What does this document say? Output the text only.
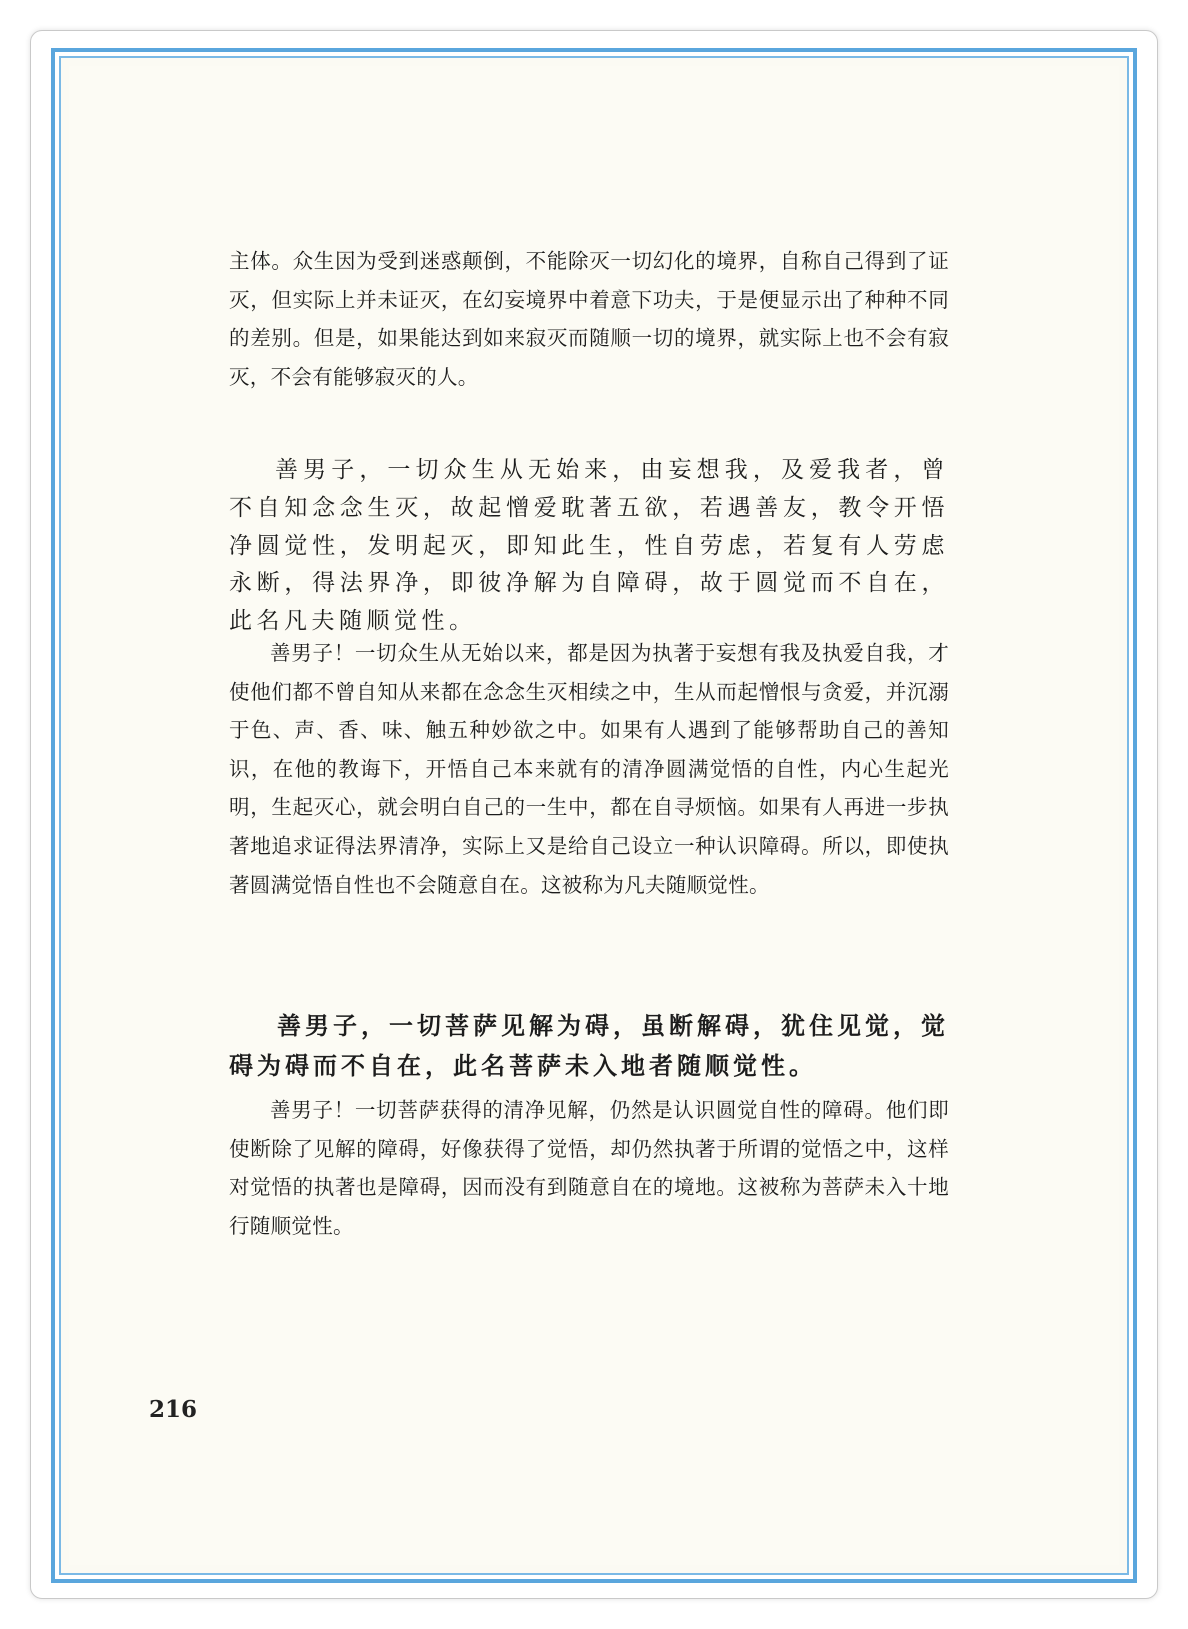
主体。众生因为受到迷惑颠倒，不能除灭一切幻化的境界，自称自己得到了证灭，但实际上并未证灭，在幻妄境界中着意下功夫，于是便显示出了种种不同的差别。但是，如果能达到如来寂灭而随顺一切的境界，就实际上也不会有寂灭，不会有能够寂灭的人。

善男子，一切众生从无始来，由妄想我，及爱我者，曾不自知念念生灭，故起憎爱耽著五欲，若遇善友，教令开悟净圆觉性，发明起灭，即知此生，性自劳虑，若复有人劳虑永断，得法界净，即彼净解为自障碍，故于圆觉而不自在，此名凡夫随顺觉性。

善男子！一切众生从无始以来，都是因为执著于妄想有我及执爱自我，才使他们都不曾自知从来都在念念生灭相续之中，生从而起憎恨与贪爱，并沉溺于色、声、香、味、触五种妙欲之中。如果有人遇到了能够帮助自己的善知识，在他的教诲下，开悟自己本来就有的清净圆满觉悟的自性，内心生起光明，生起灭心，就会明白自己的一生中，都在自寻烦恼。如果有人再进一步执著地追求证得法界清净，实际上又是给自己设立一种认识障碍。所以，即使执著圆满觉悟自性也不会随意自在。这被称为凡夫随顺觉性。

善男子，一切菩萨见解为碍，虽断解碍，犹住见觉，觉碍为碍而不自在，此名菩萨未入地者随顺觉性。

善男子！一切菩萨获得的清净见解，仍然是认识圆觉自性的障碍。他们即使断除了见解的障碍，好像获得了觉悟，却仍然执著于所谓的觉悟之中，这样对觉悟的执著也是障碍，因而没有到随意自在的境地。这被称为菩萨未入十地行随顺觉性。

216
